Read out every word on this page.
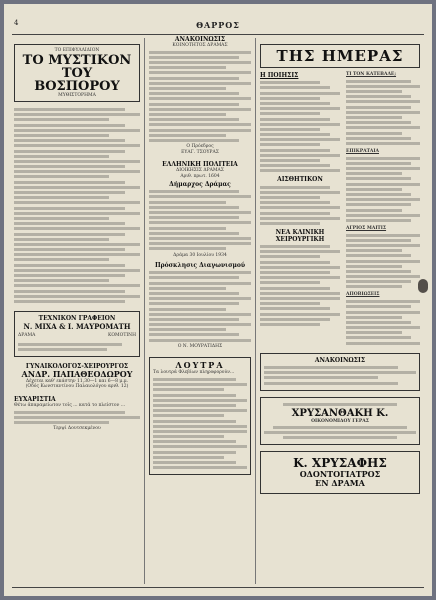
4	ΘΑΡΡΟΣ
ΤΟ ΕΠΙΦΥΛΛΙΔΙΟΝ
ΤΟ ΜΥΣΤΙΚΟΝ
ΤΟΥ ΒΟΣΠΟΡΟΥ
ΜΥΘΙΣΤΟΡΗΜΑ
ΤΕΧΝΙΚΟΝ ΓΡΑΦΕΙΟΝ
Ν. ΜΙΧΑ & Ι. ΜΑΥΡΟΜΑΤΗ
ΔΡΑΜΑ	ΚΟΜΟΤΙΝΗ
ΓΥΝΑΙΚΟΛΟΓΟΣ-ΧΕΙΡΟΥΡΓΟΣ
ΑΝΔΡ. ΠΑΠΑΘΕΟΔΩΡΟΥ
Δέχεται καθ' εκάστην 11,30—1 και 6—8 μ.μ.
(Οδός Κωνσταντίνου Παλαιολόγου αριθ. 12)
ΕΥΧΑΡΙΣΤΙΑ
Θέτω ἀπαραμείωτον τοῖς ... κατά το πλείστον ...
Τερψί Δουτσεκμένου
ΑΝΑΚΟΙΝΩΣΙΣ
ΚΟΙΝΟΤΗΤΟΣ ΔΡΑΜΑΣ
Ο Πρόεδρος
ΕΥΑΓ. ΤΣΟΥΡΑΣ
ΕΛΛΗΝΙΚΗ ΠΟΛΙΤΕΙΑ
ΔΙΟΙΚΗΣΙΣ ΔΡΑΜΑΣ
Αριθ. πρωτ. 1604
Δήμαρχος Δράμας
Δράμα 30 Ιουλίου 1934
Πρόσκλησις Διαγωνισμού
Ο Ν. ΜΟΥΡΑΤΙΔΗΣ
ΛΟΥΤΡΑ
Τα λουτρά Φλεβίων πληροφορούν...
ΤΗΣ ΗΜΕΡΑΣ
Η ΠΟΙΗΣΙΣ
ΑΙΣΘΗΤΙΚΟΝ
ΝΕΑ ΚΛΙΝΙΚΗ ΧΕΙΡΟΥΡΓΙΚΗ
ΤΙ ΤΟΝ ΚΑΤΕΒΑΛΕ;
ΕΠΙΚΡΑΤΑΙΑ
ΑΓΡΙΟΣ ΜΑΙΤΙΣ
ΑΠΟΒΙΩΣΕΙΣ
ΑΝΑΚΟΙΝΩΣΙΣ
ΧΡΥΣΑΝΘΑΚΗ Κ.
ΟΙΚΟΝΟΜΙΔΟΥ ΓΕΡΑΣ
Κ. ΧΡΥΣΑΦΗΣ
ΟΔΟΝΤΟΓΙΑΤΡΟΣ
ΕΝ ΔΡΑΜΑ
